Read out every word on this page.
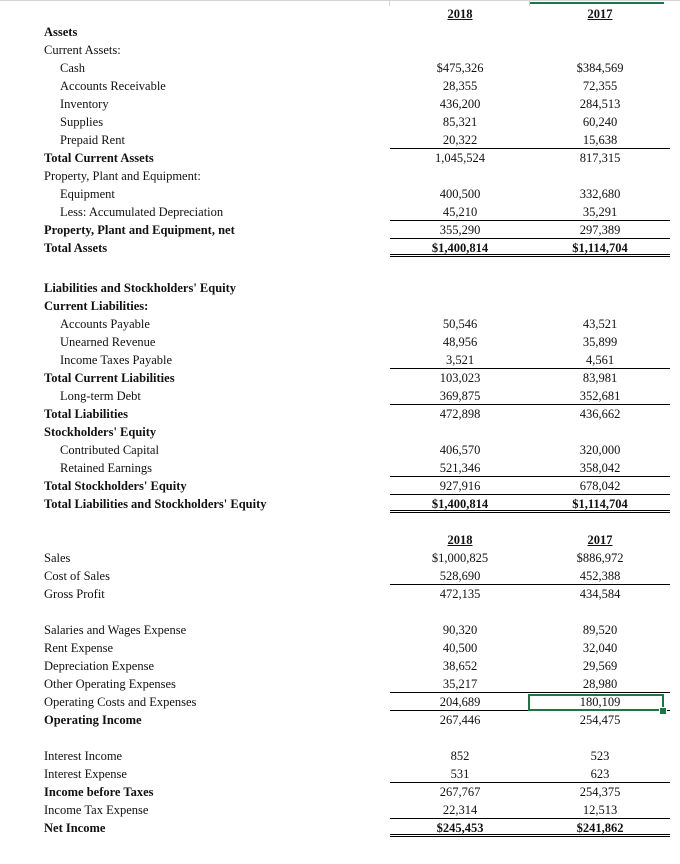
2018	2017
Assets
Current Assets:
Cash	$475,326	$384,569
Accounts Receivable	28,355	72,355
Inventory	436,200	284,513
Supplies	85,321	60,240
Prepaid Rent	20,322	15,638
Total Current Assets	1,045,524	817,315
Property, Plant and Equipment:
Equipment	400,500	332,680
Less: Accumulated Depreciation	45,210	35,291
Property, Plant and Equipment, net	355,290	297,389
Total Assets	$1,400,814	$1,114,704
Liabilities and Stockholders' Equity
Current Liabilities:
Accounts Payable	50,546	43,521
Unearned Revenue	48,956	35,899
Income Taxes Payable	3,521	4,561
Total Current Liabilities	103,023	83,981
Long-term Debt	369,875	352,681
Total Liabilities	472,898	436,662
Stockholders' Equity
Contributed Capital	406,570	320,000
Retained Earnings	521,346	358,042
Total Stockholders' Equity	927,916	678,042
Total Liabilities and Stockholders' Equity	$1,400,814	$1,114,704
2018	2017
Sales	$1,000,825	$886,972
Cost of Sales	528,690	452,388
Gross Profit	472,135	434,584
Salaries and Wages Expense	90,320	89,520
Rent Expense	40,500	32,040
Depreciation Expense	38,652	29,569
Other Operating Expenses	35,217	28,980
Operating Costs and Expenses	204,689	180,109
Operating Income	267,446	254,475
Interest Income	852	523
Interest Expense	531	623
Income before Taxes	267,767	254,375
Income Tax Expense	22,314	12,513
Net Income	$245,453	$241,862
